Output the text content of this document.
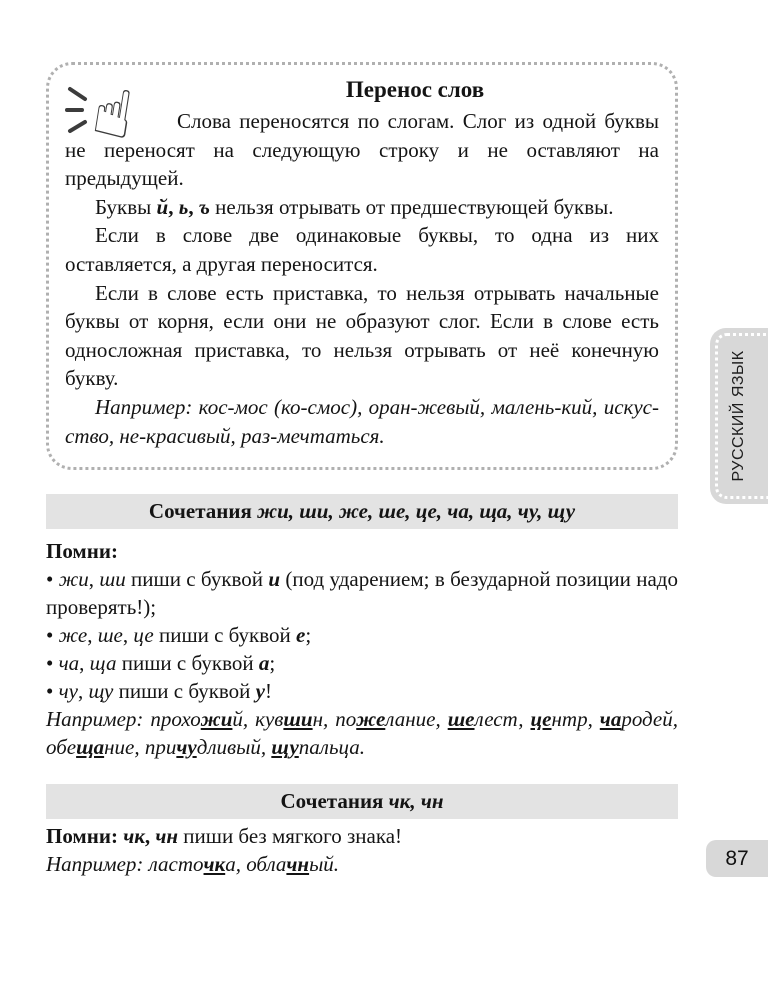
☝	Перенос слов

Слова переносятся по слогам. Слог из одной буквы не переносят на следующую строку и не оставляют на предыдущей.

Буквы й, ь, ъ нельзя отрывать от предшествующей буквы.

Если в слове две одинаковые буквы, то одна из них оставляется, а другая переносится.

Если в слове есть приставка, то нельзя отрывать начальные буквы от корня, если они не образуют слог. Если в слове есть односложная приставка, то нельзя отрывать от неё конечную букву.

Например: кос-мос (ко-смос), оран-жевый, малень-кий, искус-ство, не-красивый, раз-мечтаться.

Сочетания жи, ши, же, ше, це, ча, ща, чу, щу

Помни:

• жи, ши пиши с буквой и (под ударением; в безударной позиции надо проверять!);

• же, ше, це пиши с буквой е;

• ча, ща пиши с буквой а;

• чу, щу пиши с буквой у!

Например: прохожий, кувшин, пожелание, шелест, центр, чародей, обещание, причудливый, щупальца.

Сочетания чк, чн

Помни: чк, чн пиши без мягкого знака!

Например: ласточка, облачный.

РУССКИЙ ЯЗЫК
87
